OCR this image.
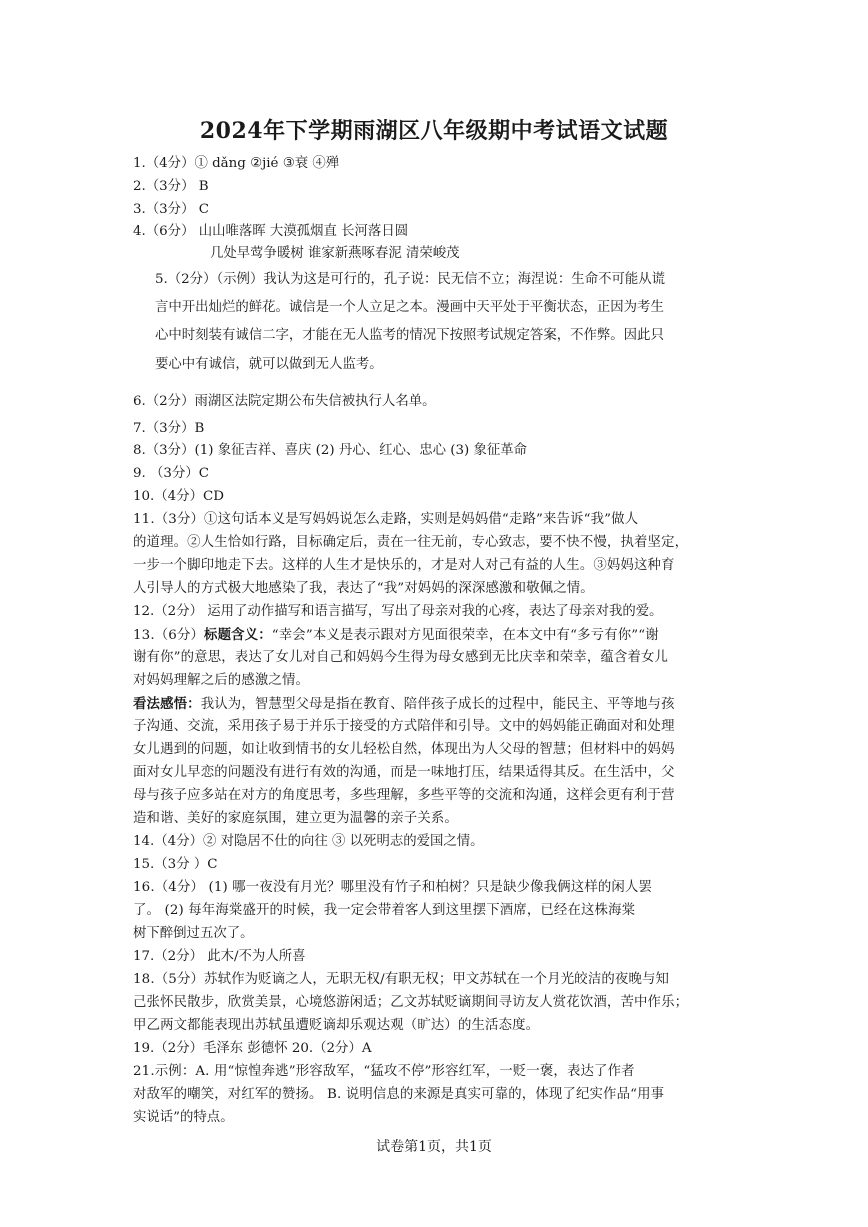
2024年下学期雨湖区八年级期中考试语文试题
1.（4分）① dǎng ②jié ③衰 ④殚
2.（3分） B
3.（3分） C
4.（6分） 山山唯落晖 大漠孤烟直 长河落日圆
几处早莺争暖树 谁家新燕啄春泥 清荣峻茂
5.（2分）（示例）我认为这是可行的，孔子说：民无信不立；海涅说：生命不可能从谎
言中开出灿烂的鲜花。诚信是一个人立足之本。漫画中天平处于平衡状态，正因为考生
心中时刻装有诚信二字，才能在无人监考的情况下按照考试规定答案，不作弊。因此只
要心中有诚信，就可以做到无人监考。
6.（2分）雨湖区法院定期公布失信被执行人名单。
7.（3分）B
8.（3分）(1) 象征吉祥、喜庆 (2) 丹心、红心、忠心 (3) 象征革命
9. （3分）C
10.（4分）CD
11.（3分）①这句话本义是写妈妈说怎么走路，实则是妈妈借“走路”来告诉“我”做人
的道理。②人生恰如行路，目标确定后，责在一往无前，专心致志，要不快不慢，执着坚定，
一步一个脚印地走下去。这样的人生才是快乐的，才是对人对己有益的人生。③妈妈这种育
人引导人的方式极大地感染了我，表达了“我”对妈妈的深深感激和敬佩之情。
12.（2分） 运用了动作描写和语言描写，写出了母亲对我的心疼，表达了母亲对我的爱。
13.（6分）标题含义：“幸会”本义是表示跟对方见面很荣幸，在本文中有“多亏有你”“谢
谢有你”的意思，表达了女儿对自己和妈妈今生得为母女感到无比庆幸和荣幸，蕴含着女儿
对妈妈理解之后的感激之情。
看法感悟：我认为，智慧型父母是指在教育、陪伴孩子成长的过程中，能民主、平等地与孩
子沟通、交流，采用孩子易于并乐于接受的方式陪伴和引导。文中的妈妈能正确面对和处理
女儿遇到的问题，如让收到情书的女儿轻松自然，体现出为人父母的智慧；但材料中的妈妈
面对女儿早恋的问题没有进行有效的沟通，而是一味地打压，结果适得其反。在生活中，父
母与孩子应多站在对方的角度思考，多些理解，多些平等的交流和沟通，这样会更有利于营
造和谐、美好的家庭氛围，建立更为温馨的亲子关系。
14.（4分）② 对隐居不仕的向往 ③ 以死明志的爱国之情。
15.（3分 ）C
16.（4分） (1) 哪一夜没有月光？哪里没有竹子和柏树？只是缺少像我俩这样的闲人罢
了。 (2) 每年海棠盛开的时候，我一定会带着客人到这里摆下酒席，已经在这株海棠
树下醉倒过五次了。
17.（2分） 此木/不为人所喜
18.（5分）苏轼作为贬谪之人，无职无权/有职无权；甲文苏轼在一个月光皎洁的夜晚与知
己张怀民散步，欣赏美景，心境悠游闲适；乙文苏轼贬谪期间寻访友人赏花饮酒，苦中作乐；
甲乙两文都能表现出苏轼虽遭贬谪却乐观达观（旷达）的生活态度。
19.（2分）毛泽东 彭德怀 20.（2分）A
21.示例：A. 用“惊惶奔逃”形容敌军，“猛攻不停”形容红军，一贬一褒，表达了作者
对敌军的嘲笑，对红军的赞扬。 B. 说明信息的来源是真实可靠的，体现了纪实作品“用事
实说话”的特点。
试卷第1页，共1页
